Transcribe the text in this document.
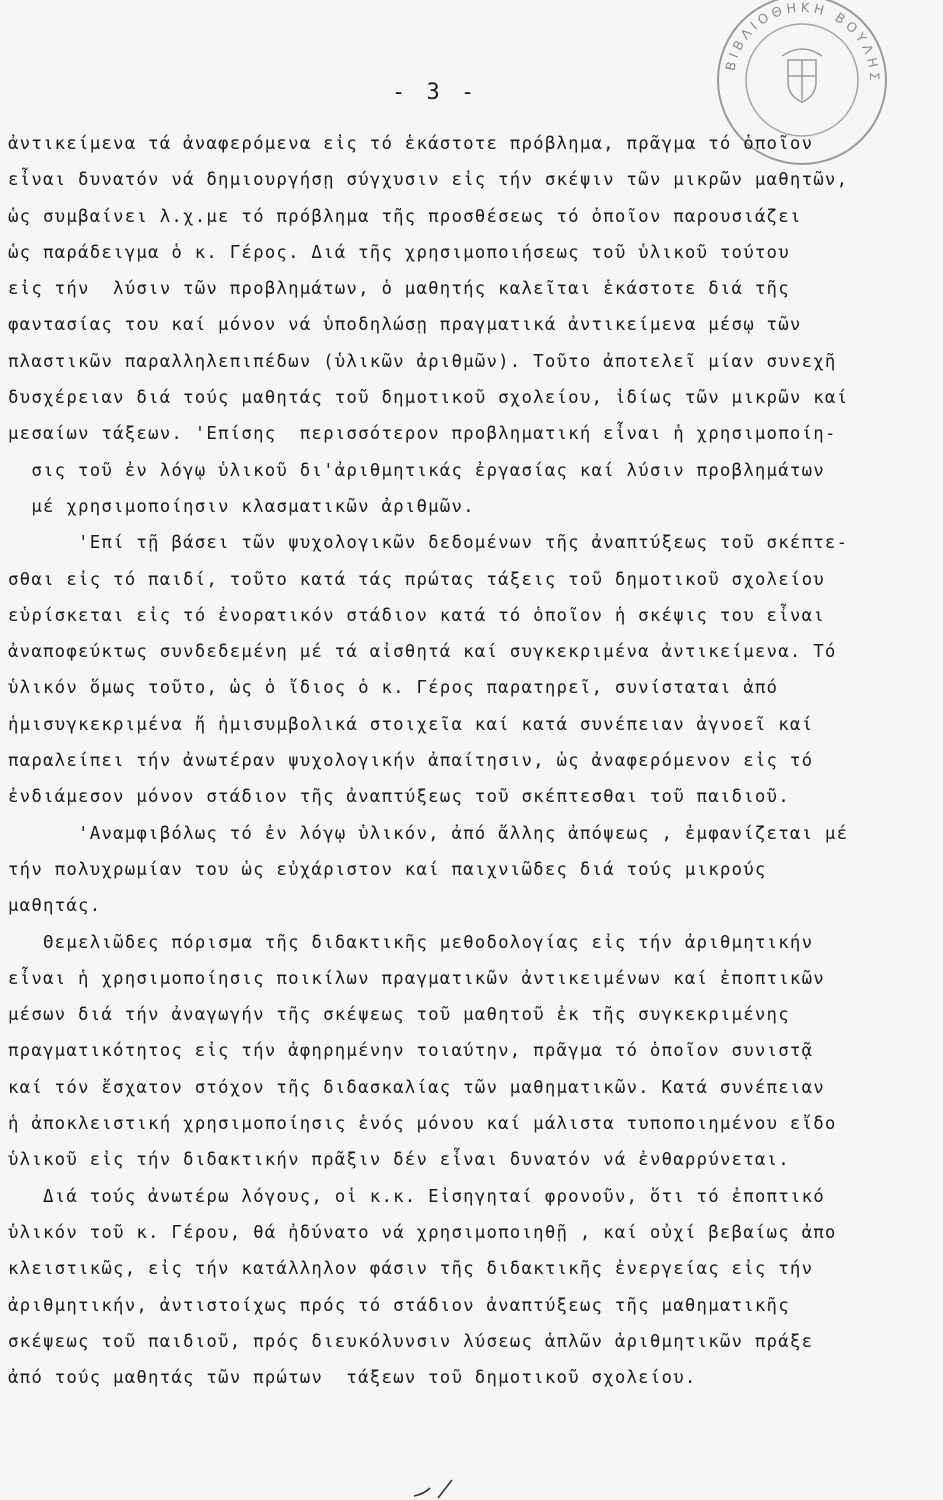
ΒΙΒΛΙΟΘΗΚΗ ΒΟΥΛΗΣ
- 3 -
ἀντικείμενα τά ἀναφερόμενα εἰς τό ἑκάστοτε πρόβλημα, πρᾶγμα τό ὁποῖον
εἶναι δυνατόν νά δημιουργήσῃ σύγχυσιν εἰς τήν σκέψιν τῶν μικρῶν μαθητῶν,
ὡς συμβαίνει λ.χ.με τό πρόβλημα τῆς προσθέσεως τό ὁποῖον παρουσιάζει
ὡς παράδειγμα ὁ κ. Γέρος. Διά τῆς χρησιμοποιήσεως τοῦ ὑλικοῦ τούτου
εἰς τήν  λύσιν τῶν προβλημάτων, ὁ μαθητής καλεῖται ἑκάστοτε διά τῆς
φαντασίας του καί μόνον νά ὑποδηλώσῃ πραγματικά ἀντικείμενα μέσῳ τῶν
πλαστικῶν παραλληλεπιπέδων (ὑλικῶν ἀριθμῶν). Τοῦτο ἀποτελεῖ μίαν συνεχῆ
δυσχέρειαν διά τούς μαθητάς τοῦ δημοτικοῦ σχολείου, ἰδίως τῶν μικρῶν καί
μεσαίων τάξεων. 'Επίσης  περισσότερον προβληματική εἶναι ἡ χρησιμοποίη-
σις τοῦ ἐν λόγῳ ὑλικοῦ δι'ἀριθμητικάς ἐργασίας καί λύσιν προβλημάτων
μέ χρησιμοποίησιν κλασματικῶν ἀριθμῶν.
'Επί τῇ βάσει τῶν ψυχολογικῶν δεδομένων τῆς ἀναπτύξεως τοῦ σκέπτε-
σθαι εἰς τό παιδί, τοῦτο κατά τάς πρώτας τάξεις τοῦ δημοτικοῦ σχολείου
εὑρίσκεται εἰς τό ἐνορατικόν στάδιον κατά τό ὁποῖον ἡ σκέψις του εἶναι
ἀναποφεύκτως συνδεδεμένη μέ τά αἰσθητά καί συγκεκριμένα ἀντικείμενα. Τό
ὑλικόν ὅμως τοῦτο, ὡς ὁ ἴδιος ὁ κ. Γέρος παρατηρεῖ, συνίσταται ἀπό
ἡμισυγκεκριμένα ἤ ἡμισυμβολικά στοιχεῖα καί κατά συνέπειαν ἀγνοεῖ καί
παραλείπει τήν ἀνωτέραν ψυχολογικήν ἀπαίτησιν, ὡς ἀναφερόμενον εἰς τό
ἐνδιάμεσον μόνον στάδιον τῆς ἀναπτύξεως τοῦ σκέπτεσθαι τοῦ παιδιοῦ.
'Αναμφιβόλως τό ἐν λόγῳ ὑλικόν, ἀπό ἄλλης ἀπόψεως , ἐμφανίζεται μέ
τήν πολυχρωμίαν του ὡς εὐχάριστον καί παιχνιῶδες διά τούς μικρούς
μαθητάς.
Θεμελιῶδες πόρισμα τῆς διδακτικῆς μεθοδολογίας εἰς τήν ἀριθμητικήν
εἶναι ἡ χρησιμοποίησις ποικίλων πραγματικῶν ἀντικειμένων καί ἐποπτικῶν
μέσων διά τήν ἀναγωγήν τῆς σκέψεως τοῦ μαθητοῦ ἐκ τῆς συγκεκριμένης
πραγματικότητος εἰς τήν ἀφηρημένην τοιαύτην, πρᾶγμα τό ὁποῖον συνιστᾷ
καί τόν ἔσχατον στόχον τῆς διδασκαλίας τῶν μαθηματικῶν. Κατά συνέπειαν
ἡ ἀποκλειστική χρησιμοποίησις ἑνός μόνου καί μάλιστα τυποποιημένου εἴδο
ὑλικοῦ εἰς τήν διδακτικήν πρᾶξιν δέν εἶναι δυνατόν νά ἐνθαρρύνεται.
Διά τούς ἀνωτέρω λόγους, οἱ κ.κ. Εἰσηγηταί φρονοῦν, ὅτι τό ἐποπτικό
ὑλικόν τοῦ κ. Γέρου, θά ἠδύνατο νά χρησιμοποιηθῇ , καί οὐχί βεβαίως ἀπο
κλειστικῶς, εἰς τήν κατάλληλον φάσιν τῆς διδακτικῆς ἐνεργείας εἰς τήν
ἀριθμητικήν, ἀντιστοίχως πρός τό στάδιον ἀναπτύξεως τῆς μαθηματικῆς
σκέψεως τοῦ παιδιοῦ, πρός διευκόλυνσιν λύσεως ἁπλῶν ἀριθμητικῶν πράξε
ἀπό τούς μαθητάς τῶν πρώτων  τάξεων τοῦ δημοτικοῦ σχολείου.
